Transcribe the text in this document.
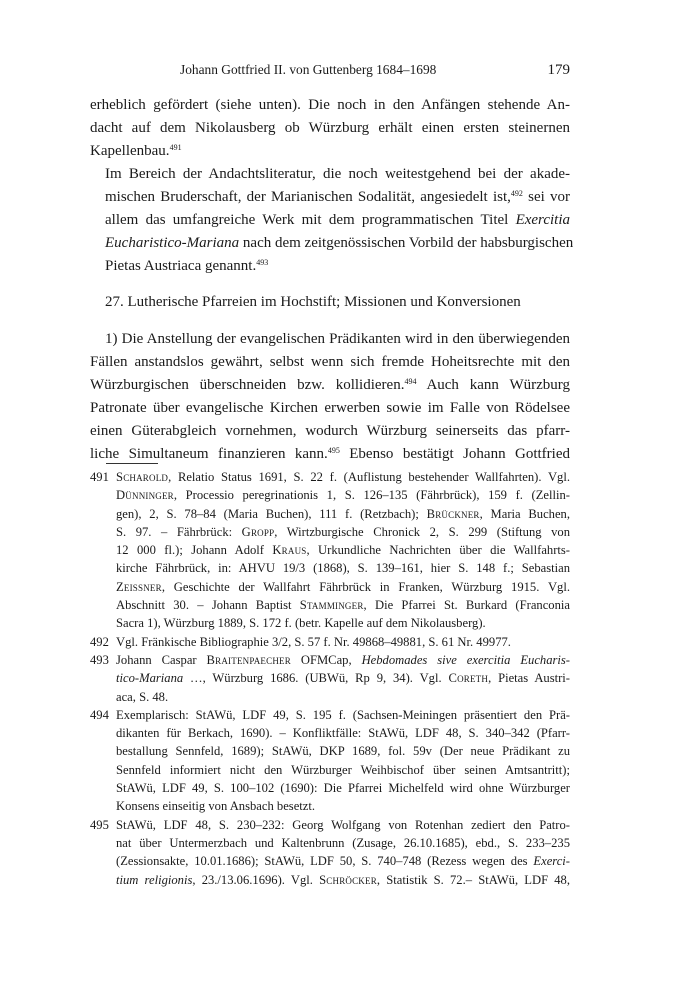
Johann Gottfried II. von Guttenberg 1684–1698	179

erheblich gefördert (siehe unten). Die noch in den Anfängen stehende An-
dacht auf dem Nikolausberg ob Würzburg erhält einen ersten steinernen
Kapellenbau.$^{491}$

Im Bereich der Andachtsliteratur, die noch weitestgehend bei der akade-
mischen Bruderschaft, der Marianischen Sodalität, angesiedelt ist,$^{492}$ sei vor
allem das umfangreiche Werk mit dem programmatischen Titel Exercitia
Eucharistico-Mariana nach dem zeitgenössischen Vorbild der habsburgischen
Pietas Austriaca genannt.$^{493}$

27. Lutherische Pfarreien im Hochstift; Missionen und Konversionen
1) Die Anstellung der evangelischen Prädikanten wird in den überwiegenden
Fällen anstandslos gewährt, selbst wenn sich fremde Hoheitsrechte mit den
Würzburgischen überschneiden bzw. kollidieren.$^{494}$ Auch kann Würzburg
Patronate über evangelische Kirchen erwerben sowie im Falle von Rödelsee
einen Güterabgleich vornehmen, wodurch Würzburg seinerseits das pfarr-
liche Simultaneum finanzieren kann.$^{495}$ Ebenso bestätigt Johann Gottfried
491 Scharold, Relatio Status 1691, S. 22 f. (Auflistung bestehender Wallfahrten). Vgl.
Dünninger, Processio peregrinationis 1, S. 126–135 (Fährbrück), 159 f. (Zellin-
gen), 2, S. 78–84 (Maria Buchen), 111 f. (Retzbach); Brückner, Maria Buchen,
S. 97. – Fährbrück: Gropp, Wirtzburgische Chronick 2, S. 299 (Stiftung von
12 000 fl.); Johann Adolf Kraus, Urkundliche Nachrichten über die Wallfahrts-
kirche Fährbrück, in: AHVU 19/3 (1868), S. 139–161, hier S. 148 f.; Sebastian
Zeissner, Geschichte der Wallfahrt Fährbrück in Franken, Würzburg 1915. Vgl.
Abschnitt 30. – Johann Baptist Stamminger, Die Pfarrei St. Burkard (Franconia
Sacra 1), Würzburg 1889, S. 172 f. (betr. Kapelle auf dem Nikolausberg).
492 Vgl. Fränkische Bibliographie 3/2, S. 57 f. Nr. 49868–49881, S. 61 Nr. 49977.
493 Johann Caspar Braitenpaecher OFMCap, Hebdomades sive exercitia Eucharis-
tico-Mariana …, Würzburg 1686. (UBWü, Rp 9, 34). Vgl. Coreth, Pietas Austri-
aca, S. 48.
494 Exemplarisch: StAWü, LDF 49, S. 195 f. (Sachsen-Meiningen präsentiert den Prä-
dikanten für Berkach, 1690). – Konfliktfälle: StAWü, LDF 48, S. 340–342 (Pfarr-
bestallung Sennfeld, 1689); StAWü, DKP 1689, fol. 59v (Der neue Prädikant zu
Sennfeld informiert nicht den Würzburger Weihbischof über seinen Amtsantritt);
StAWü, LDF 49, S. 100–102 (1690): Die Pfarrei Michelfeld wird ohne Würzburger
Konsens einseitig von Ansbach besetzt.
495 StAWü, LDF 48, S. 230–232: Georg Wolfgang von Rotenhan zediert den Patro-
nat über Untermerzbach und Kaltenbrunn (Zusage, 26.10.1685), ebd., S. 233–235
(Zessionsakte, 10.01.1686); StAWü, LDF 50, S. 740–748 (Rezess wegen des Exerci-
tium religionis, 23./13.06.1696). Vgl. Schröcker, Statistik S. 72.– StAWü, LDF 48,
